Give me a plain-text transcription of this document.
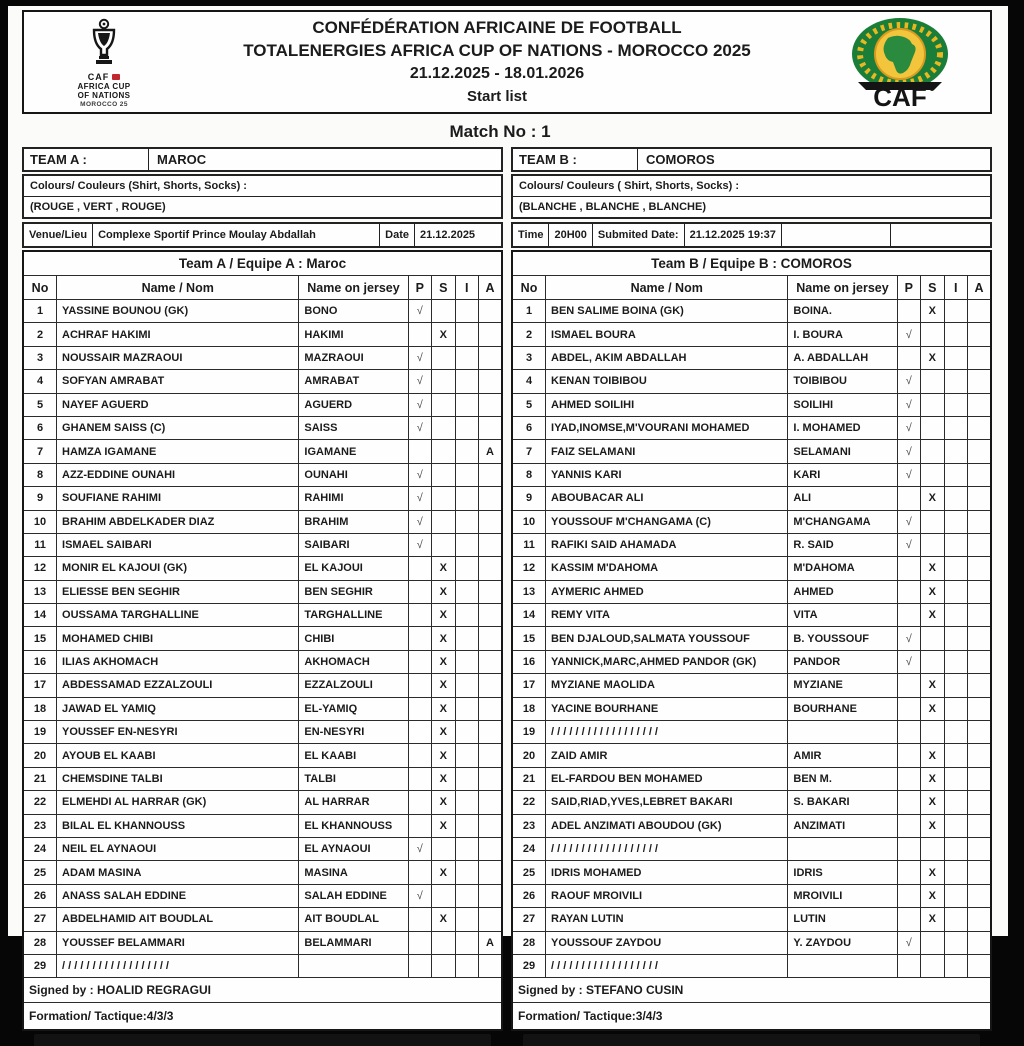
CAF
AFRICA CUP
OF NATIONS
MOROCCO 25
CONFÉDÉRATION AFRICAINE DE FOOTBALL
TOTALENERGIES AFRICA CUP OF NATIONS - MOROCCO 2025
21.12.2025 - 18.01.2026
Start list	CAF
Match No : 1
TEAM A :	MAROC
Colours/ Couleurs (Shirt, Shorts, Socks) :
(ROUGE , VERT , ROUGE)
Venue/Lieu	Complexe Sportif Prince Moulay Abdallah	Date	21.12.2025
TEAM B :	COMOROS
Colours/ Couleurs ( Shirt, Shorts, Socks) :
(BLANCHE , BLANCHE , BLANCHE)
Time	20H00	Submited Date:	21.12.2025 19:37
Team A / Equipe A : Maroc						
No	Name / Nom	Name on jersey	P	S	I	A
1	YASSINE BOUNOU (GK)	BONO	√			
2	ACHRAF HAKIMI	HAKIMI		X		
3	NOUSSAIR MAZRAOUI	MAZRAOUI	√			
4	SOFYAN AMRABAT	AMRABAT	√			
5	NAYEF AGUERD	AGUERD	√			
6	GHANEM SAISS (C)	SAISS	√			
7	HAMZA IGAMANE	IGAMANE				A
8	AZZ-EDDINE OUNAHI	OUNAHI	√			
9	SOUFIANE RAHIMI	RAHIMI	√			
10	BRAHIM ABDELKADER DIAZ	BRAHIM	√			
11	ISMAEL SAIBARI	SAIBARI	√			
12	MONIR EL KAJOUI (GK)	EL KAJOUI		X		
13	ELIESSE BEN SEGHIR	BEN SEGHIR		X		
14	OUSSAMA TARGHALLINE	TARGHALLINE		X		
15	MOHAMED CHIBI	CHIBI		X		
16	ILIAS AKHOMACH	AKHOMACH		X		
17	ABDESSAMAD EZZALZOULI	EZZALZOULI		X		
18	JAWAD EL YAMIQ	EL-YAMIQ		X		
19	YOUSSEF EN-NESYRI	EN-NESYRI		X		
20	AYOUB EL KAABI	EL KAABI		X		
21	CHEMSDINE TALBI	TALBI		X		
22	ELMEHDI AL HARRAR (GK)	AL HARRAR		X		
23	BILAL EL KHANNOUSS	EL KHANNOUSS		X		
24	NEIL EL AYNAOUI	EL AYNAOUI	√			
25	ADAM MASINA	MASINA		X		
26	ANASS SALAH EDDINE	SALAH EDDINE	√			
27	ABDELHAMID AIT BOUDLAL	AIT BOUDLAL		X		
28	YOUSSEF BELAMMARI	BELAMMARI				A
29	/ / / / / / / / / / / / / / / / / /					
Signed by : HOALID REGRAGUI						
Formation/ Tactique:4/3/3						
Team B / Equipe B : COMOROS						
No	Name / Nom	Name on jersey	P	S	I	A
1	BEN SALIME BOINA (GK)	BOINA.		X		
2	ISMAEL BOURA	I. BOURA	√			
3	ABDEL, AKIM ABDALLAH	A. ABDALLAH		X		
4	KENAN TOIBIBOU	TOIBIBOU	√			
5	AHMED SOILIHI	SOILIHI	√			
6	IYAD,INOMSE,M'VOURANI MOHAMED	I. MOHAMED	√			
7	FAIZ SELAMANI	SELAMANI	√			
8	YANNIS KARI	KARI	√			
9	ABOUBACAR ALI	ALI		X		
10	YOUSSOUF M'CHANGAMA (C)	M'CHANGAMA	√			
11	RAFIKI SAID AHAMADA	R. SAID	√			
12	KASSIM M'DAHOMA	M'DAHOMA		X		
13	AYMERIC AHMED	AHMED		X		
14	REMY VITA	VITA		X		
15	BEN DJALOUD,SALMATA YOUSSOUF	B. YOUSSOUF	√			
16	YANNICK,MARC,AHMED PANDOR (GK)	PANDOR	√			
17	MYZIANE MAOLIDA	MYZIANE		X		
18	YACINE BOURHANE	BOURHANE		X		
19	/ / / / / / / / / / / / / / / / / /					
20	ZAID AMIR	AMIR		X		
21	EL-FARDOU BEN MOHAMED	BEN M.		X		
22	SAID,RIAD,YVES,LEBRET BAKARI	S. BAKARI		X		
23	ADEL ANZIMATI ABOUDOU (GK)	ANZIMATI		X		
24	/ / / / / / / / / / / / / / / / / /					
25	IDRIS MOHAMED	IDRIS		X		
26	RAOUF MROIVILI	MROIVILI		X		
27	RAYAN LUTIN	LUTIN		X		
28	YOUSSOUF ZAYDOU	Y. ZAYDOU	√			
29	/ / / / / / / / / / / / / / / / / /					
Signed by : STEFANO CUSIN						
Formation/ Tactique:3/4/3						
